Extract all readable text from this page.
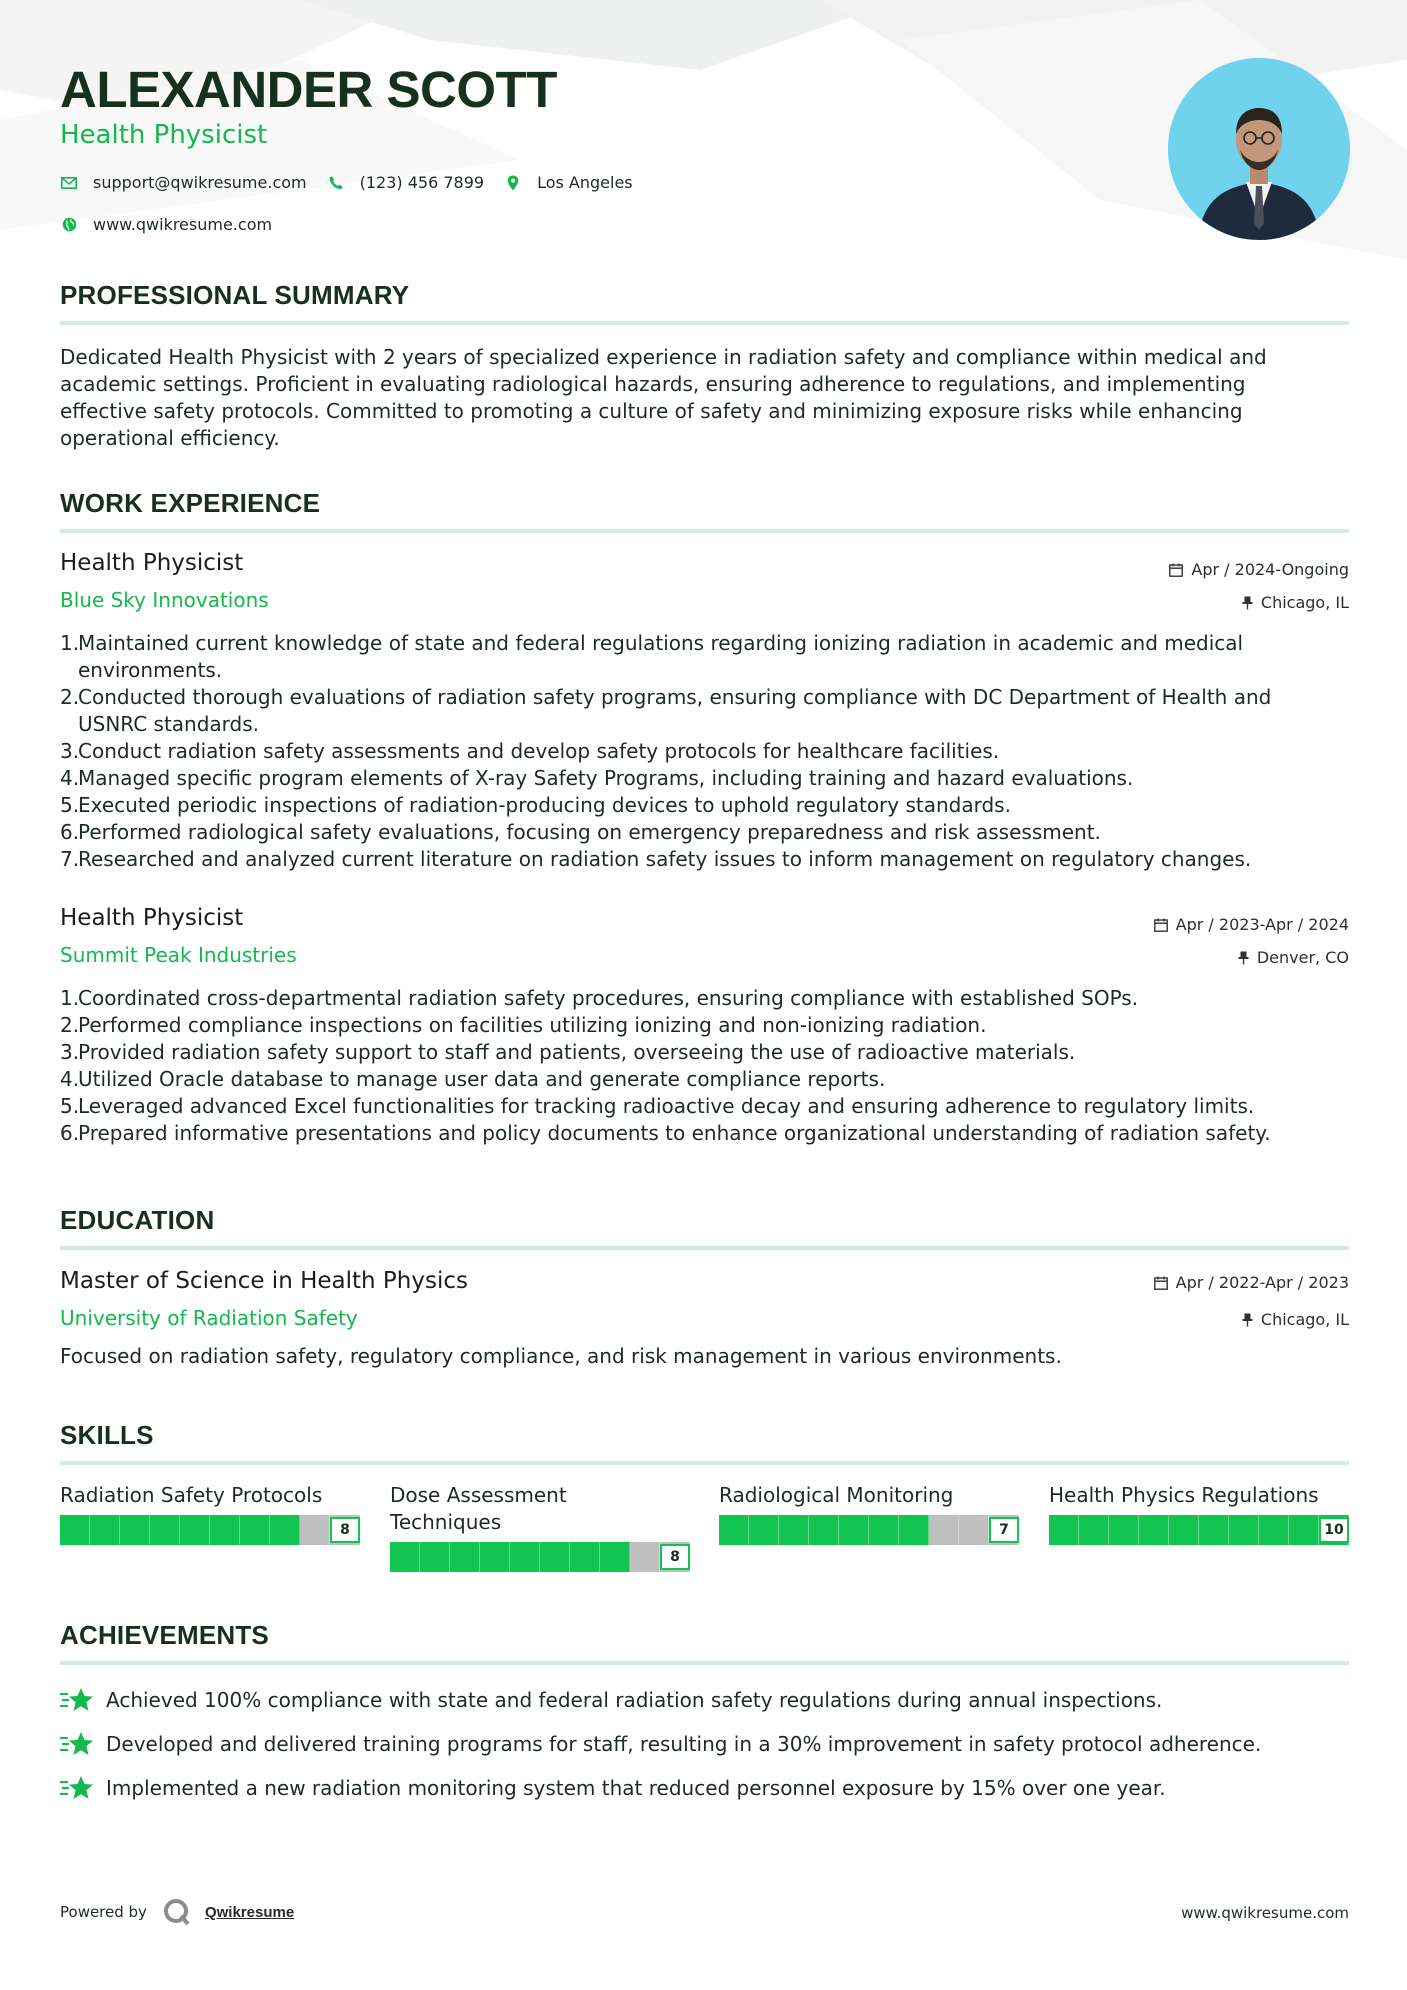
ALEXANDER SCOTT
Health Physicist
support@qwikresume.com	(123) 456 7899	Los Angeles
www.qwikresume.com
PROFESSIONAL SUMMARY
Dedicated Health Physicist with 2 years of specialized experience in radiation safety and compliance within medical and
academic settings. Proficient in evaluating radiological hazards, ensuring adherence to regulations, and implementing
effective safety protocols. Committed to promoting a culture of safety and minimizing exposure risks while enhancing
operational efficiency.
WORK EXPERIENCE
Health Physicist
Blue Sky Innovations
Apr / 2024-Ongoing
Chicago, IL
1.
Maintained current knowledge of state and federal regulations regarding ionizing radiation in academic and medical
environments.
2.
Conducted thorough evaluations of radiation safety programs, ensuring compliance with DC Department of Health and
USNRC standards.
3.
Conduct radiation safety assessments and develop safety protocols for healthcare facilities.
4.
Managed specific program elements of X-ray Safety Programs, including training and hazard evaluations.
5.
Executed periodic inspections of radiation-producing devices to uphold regulatory standards.
6.
Performed radiological safety evaluations, focusing on emergency preparedness and risk assessment.
7.
Researched and analyzed current literature on radiation safety issues to inform management on regulatory changes.
Health Physicist
Summit Peak Industries
Apr / 2023-Apr / 2024
Denver, CO
1.
Coordinated cross-departmental radiation safety procedures, ensuring compliance with established SOPs.
2.
Performed compliance inspections on facilities utilizing ionizing and non-ionizing radiation.
3.
Provided radiation safety support to staff and patients, overseeing the use of radioactive materials.
4.
Utilized Oracle database to manage user data and generate compliance reports.
5.
Leveraged advanced Excel functionalities for tracking radioactive decay and ensuring adherence to regulatory limits.
6.
Prepared informative presentations and policy documents to enhance organizational understanding of radiation safety.
EDUCATION
Master of Science in Health Physics
University of Radiation Safety
Apr / 2022-Apr / 2023
Chicago, IL
Focused on radiation safety, regulatory compliance, and risk management in various environments.
SKILLS
Radiation Safety Protocols
8
Dose Assessment
Techniques
8
Radiological Monitoring
7
Health Physics Regulations
10
ACHIEVEMENTS
Achieved 100% compliance with state and federal radiation safety regulations during annual inspections.
Developed and delivered training programs for staff, resulting in a 30% improvement in safety protocol adherence.
Implemented a new radiation monitoring system that reduced personnel exposure by 15% over one year.
Powered by	Qwikresume	www.qwikresume.com
